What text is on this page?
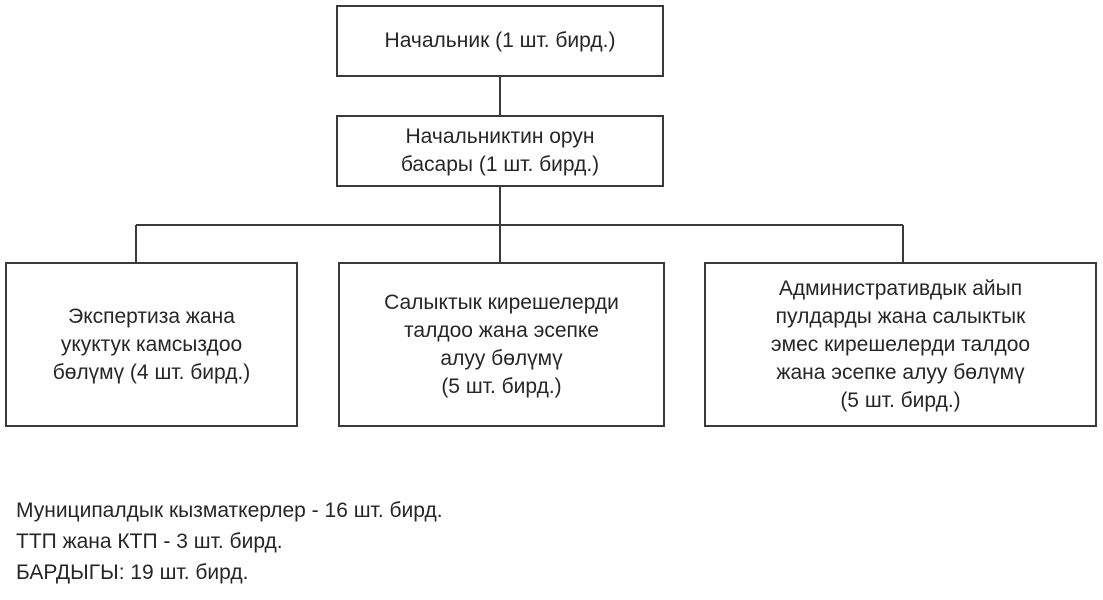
Начальник (1 шт. бирд.)
Начальниктин орун
басары (1 шт. бирд.)
Экспертиза жана
укуктук камсыздоо
бөлүмү (4 шт. бирд.)
Салыктык кирешелерди
талдоо жана эсепке
алуу бөлүмү
(5 шт. бирд.)
Административдык айып
пулдарды жана салыктык
эмес кирешелерди талдоо
жана эсепке алуу бөлүмү
(5 шт. бирд.)
Муниципалдык кызматкерлер - 16 шт. бирд.
ТТП жана КТП - 3 шт. бирд.
БАРДЫГЫ: 19 шт. бирд.
